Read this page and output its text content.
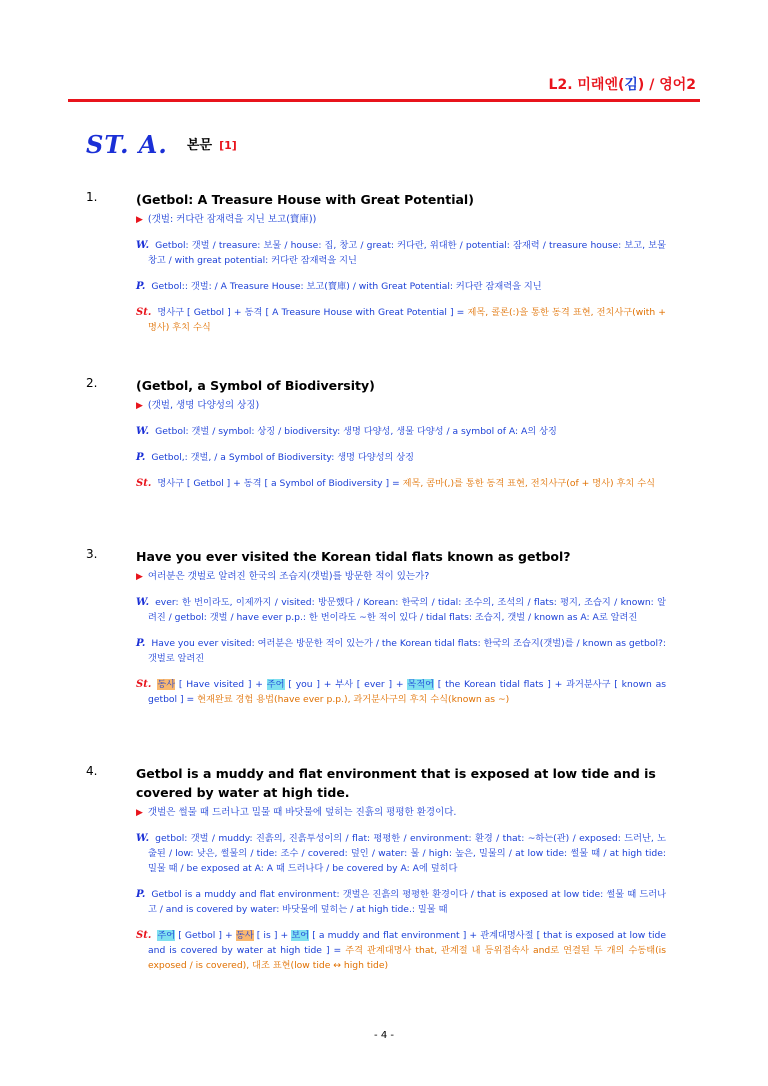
L2. 미래엔(김) / 영어2
ST. A. $^{본문}$ [1]
1.	(Getbol: A Treasure House with Great Potential)
▶ (갯벌: 커다란 잠재력을 지닌 보고(寶庫))
W. Getbol: 갯벌 / treasure: 보물 / house: 집, 창고 / great: 커다란, 위대한 / potential: 잠재력 / treasure house: 보고, 보물창고 / with great potential: 커다란 잠재력을 지닌
P. Getbol:: 갯벌: / A Treasure House: 보고(寶庫) / with Great Potential: 커다란 잠재력을 지닌
St. 명사구 [ Getbol ] + 동격 [ A Treasure House with Great Potential ] = 제목, 콜론(:)을 통한 동격 표현, 전치사구(with + 명사) 후치 수식
2.	(Getbol, a Symbol of Biodiversity)
▶ (갯벌, 생명 다양성의 상징)
W. Getbol: 갯벌 / symbol: 상징 / biodiversity: 생명 다양성, 생물 다양성 / a symbol of A: A의 상징
P. Getbol,: 갯벌, / a Symbol of Biodiversity: 생명 다양성의 상징
St. 명사구 [ Getbol ] + 동격 [ a Symbol of Biodiversity ] = 제목, 콤마(,)를 통한 동격 표현, 전치사구(of + 명사) 후치 수식
3.	Have you ever visited the Korean tidal flats known as getbol?
▶ 여러분은 갯벌로 알려진 한국의 조습지(갯벌)를 방문한 적이 있는가?
W. ever: 한 번이라도, 이제까지 / visited: 방문했다 / Korean: 한국의 / tidal: 조수의, 조석의 / flats: 평지, 조습지 / known: 알려진 / getbol: 갯벌 / have ever p.p.: 한 번이라도 ~한 적이 있다 / tidal flats: 조습지, 갯벌 / known as A: A로 알려진
P. Have you ever visited: 여러분은 방문한 적이 있는가 / the Korean tidal flats: 한국의 조습지(갯벌)를 / known as getbol?: 갯벌로 알려진
St. 동사 [ Have visited ] + 주어 [ you ] + 부사 [ ever ] + 목적어 [ the Korean tidal flats ] + 과거분사구 [ known as getbol ] = 현재완료 경험 용법(have ever p.p.), 과거분사구의 후치 수식(known as ~)
4.	Getbol is a muddy and flat environment that is exposed at low tide and is covered by water at high tide.
▶ 갯벌은 썰물 때 드러나고 밀물 때 바닷물에 덮히는 진흙의 평평한 환경이다.
W. getbol: 갯벌 / muddy: 진흙의, 진흙투성이의 / flat: 평평한 / environment: 환경 / that: ~하는(관) / exposed: 드러난, 노출된 / low: 낮은, 썰물의 / tide: 조수 / covered: 덮인 / water: 물 / high: 높은, 밀물의 / at low tide: 썰물 때 / at high tide: 밀물 때 / be exposed at A: A 때 드러나다 / be covered by A: A에 덮히다
P. Getbol is a muddy and flat environment: 갯벌은 진흙의 평평한 환경이다 / that is exposed at low tide: 썰물 때 드러나고 / and is covered by water: 바닷물에 덮히는 / at high tide.: 밀물 때
St. 주어 [ Getbol ] + 동사 [ is ] + 보어 [ a muddy and flat environment ] + 관계대명사절 [ that is exposed at low tide and is covered by water at high tide ] = 주격 관계대명사 that, 관계절 내 등위접속사 and로 연결된 두 개의 수동태(is exposed / is covered), 대조 표현(low tide ↔ high tide)
- 4 -
